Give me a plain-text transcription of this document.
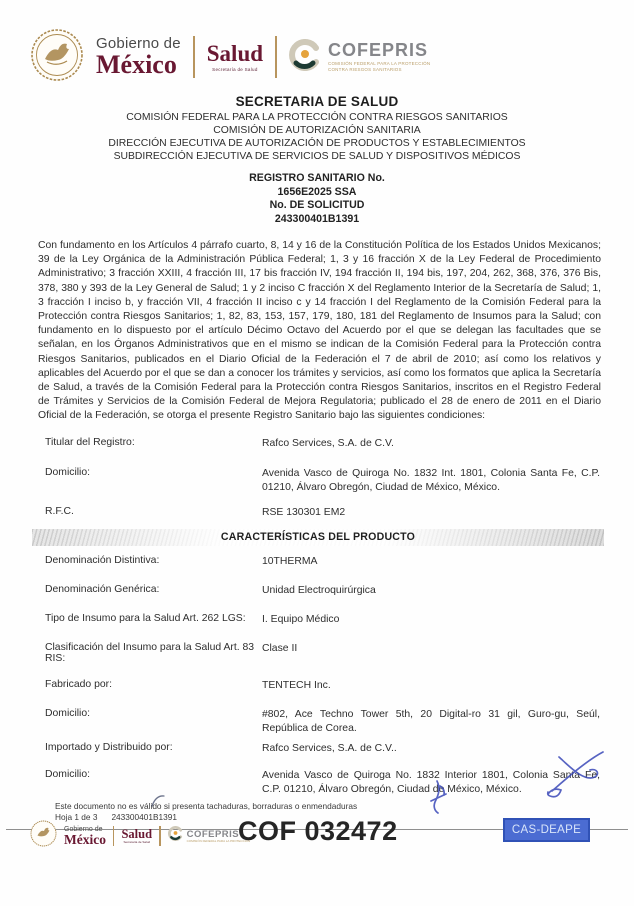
Gobierno de
México Salud
Secretaría de Salud
COFEPRIS
COMISIÓN FEDERAL PARA LA PROTECCIÓN
CONTRA RIESGOS SANITARIOS
SECRETARIA DE SALUD
COMISIÓN FEDERAL PARA LA PROTECCIÓN CONTRA RIESGOS SANITARIOS
COMISIÓN DE AUTORIZACIÓN SANITARIA
DIRECCIÓN EJECUTIVA DE AUTORIZACIÓN DE PRODUCTOS Y ESTABLECIMIENTOS
SUBDIRECCIÓN EJECUTIVA DE SERVICIOS DE SALUD Y DISPOSITIVOS MÉDICOS
REGISTRO SANITARIO No.
1656E2025 SSA
No. DE SOLICITUD
243300401B1391

Con fundamento en los Artículos 4 párrafo cuarto, 8, 14 y 16 de la Constitución Política de los Estados Unidos Mexicanos; 39 de la Ley Orgánica de la Administración Pública Federal; 1, 3 y 16 fracción X de la Ley Federal de Procedimiento Administrativo; 3 fracción XXIII, 4 fracción III, 17 bis fracción IV, 194 fracción II, 194 bis, 197, 204, 262, 368, 376, 376 Bis, 378, 380 y 393 de la Ley General de Salud; 1 y 2 inciso C fracción X del Reglamento Interior de la Secretaría de Salud; 1, 3 fracción I inciso b, y fracción VII, 4 fracción II inciso c y 14 fracción I del Reglamento de la Comisión Federal para la Protección contra Riesgos Sanitarios; 1, 82, 83, 153, 157, 179, 180, 181 del Reglamento de Insumos para la Salud; con fundamento en lo dispuesto por el artículo Décimo Octavo del Acuerdo por el que se delegan las facultades que se señalan, en los Órganos Administrativos que en el mismo se indican de la Comisión Federal para la Protección contra Riesgos Sanitarios, publicados en el Diario Oficial de la Federación el 7 de abril de 2010; así como los relativos y aplicables del Acuerdo por el que se dan a conocer los trámites y servicios, así como los formatos que aplica la Secretaría de Salud, a través de la Comisión Federal para la Protección contra Riesgos Sanitarios, inscritos en el Registro Federal de Trámites y Servicios de la Comisión Federal de Mejora Regulatoria; publicado el 28 de enero de 2011 en el Diario Oficial de la Federación, se otorga el presente Registro Sanitario bajo las siguientes condiciones:

Titular del Registro:	Rafco Services, S.A. de C.V.
Domicilio:	Avenida Vasco de Quiroga No. 1832 Int. 1801, Colonia Santa Fe, C.P. 01210, Álvaro Obregón, Ciudad de México, México.
R.F.C.	RSE 130301 EM2
CARACTERÍSTICAS DEL PRODUCTO
Denominación Distintiva:	10THERMA
Denominación Genérica:	Unidad Electroquirúrgica
Tipo de Insumo para la Salud Art. 262 LGS:	I. Equipo Médico
Clasificación del Insumo para la Salud Art. 83 RIS:
Clase II
Fabricado por:	TENTECH Inc.
Domicilio:	#802, Ace Techno Tower 5th, 20 Digital-ro 31 gil, Guro-gu, Seúl, República de Corea.
Importado y Distribuido por:	Rafco Services, S.A. de C.V..
Domicilio:	Avenida Vasco de Quiroga No. 1832 Interior 1801, Colonia Santa Fe, C.P. 01210, Álvaro Obregón, Ciudad de México, México.
Este documento no es válido si presenta tachaduras, borraduras o enmendaduras
Hoja 1 de 3 243300401B1391
Gobierno de
México Salud
Secretaría de Salud
COFEPRIS
COMISIÓN FEDERAL PARA LA PROTECCIÓN
COF 032472	CAS-DEAPE
